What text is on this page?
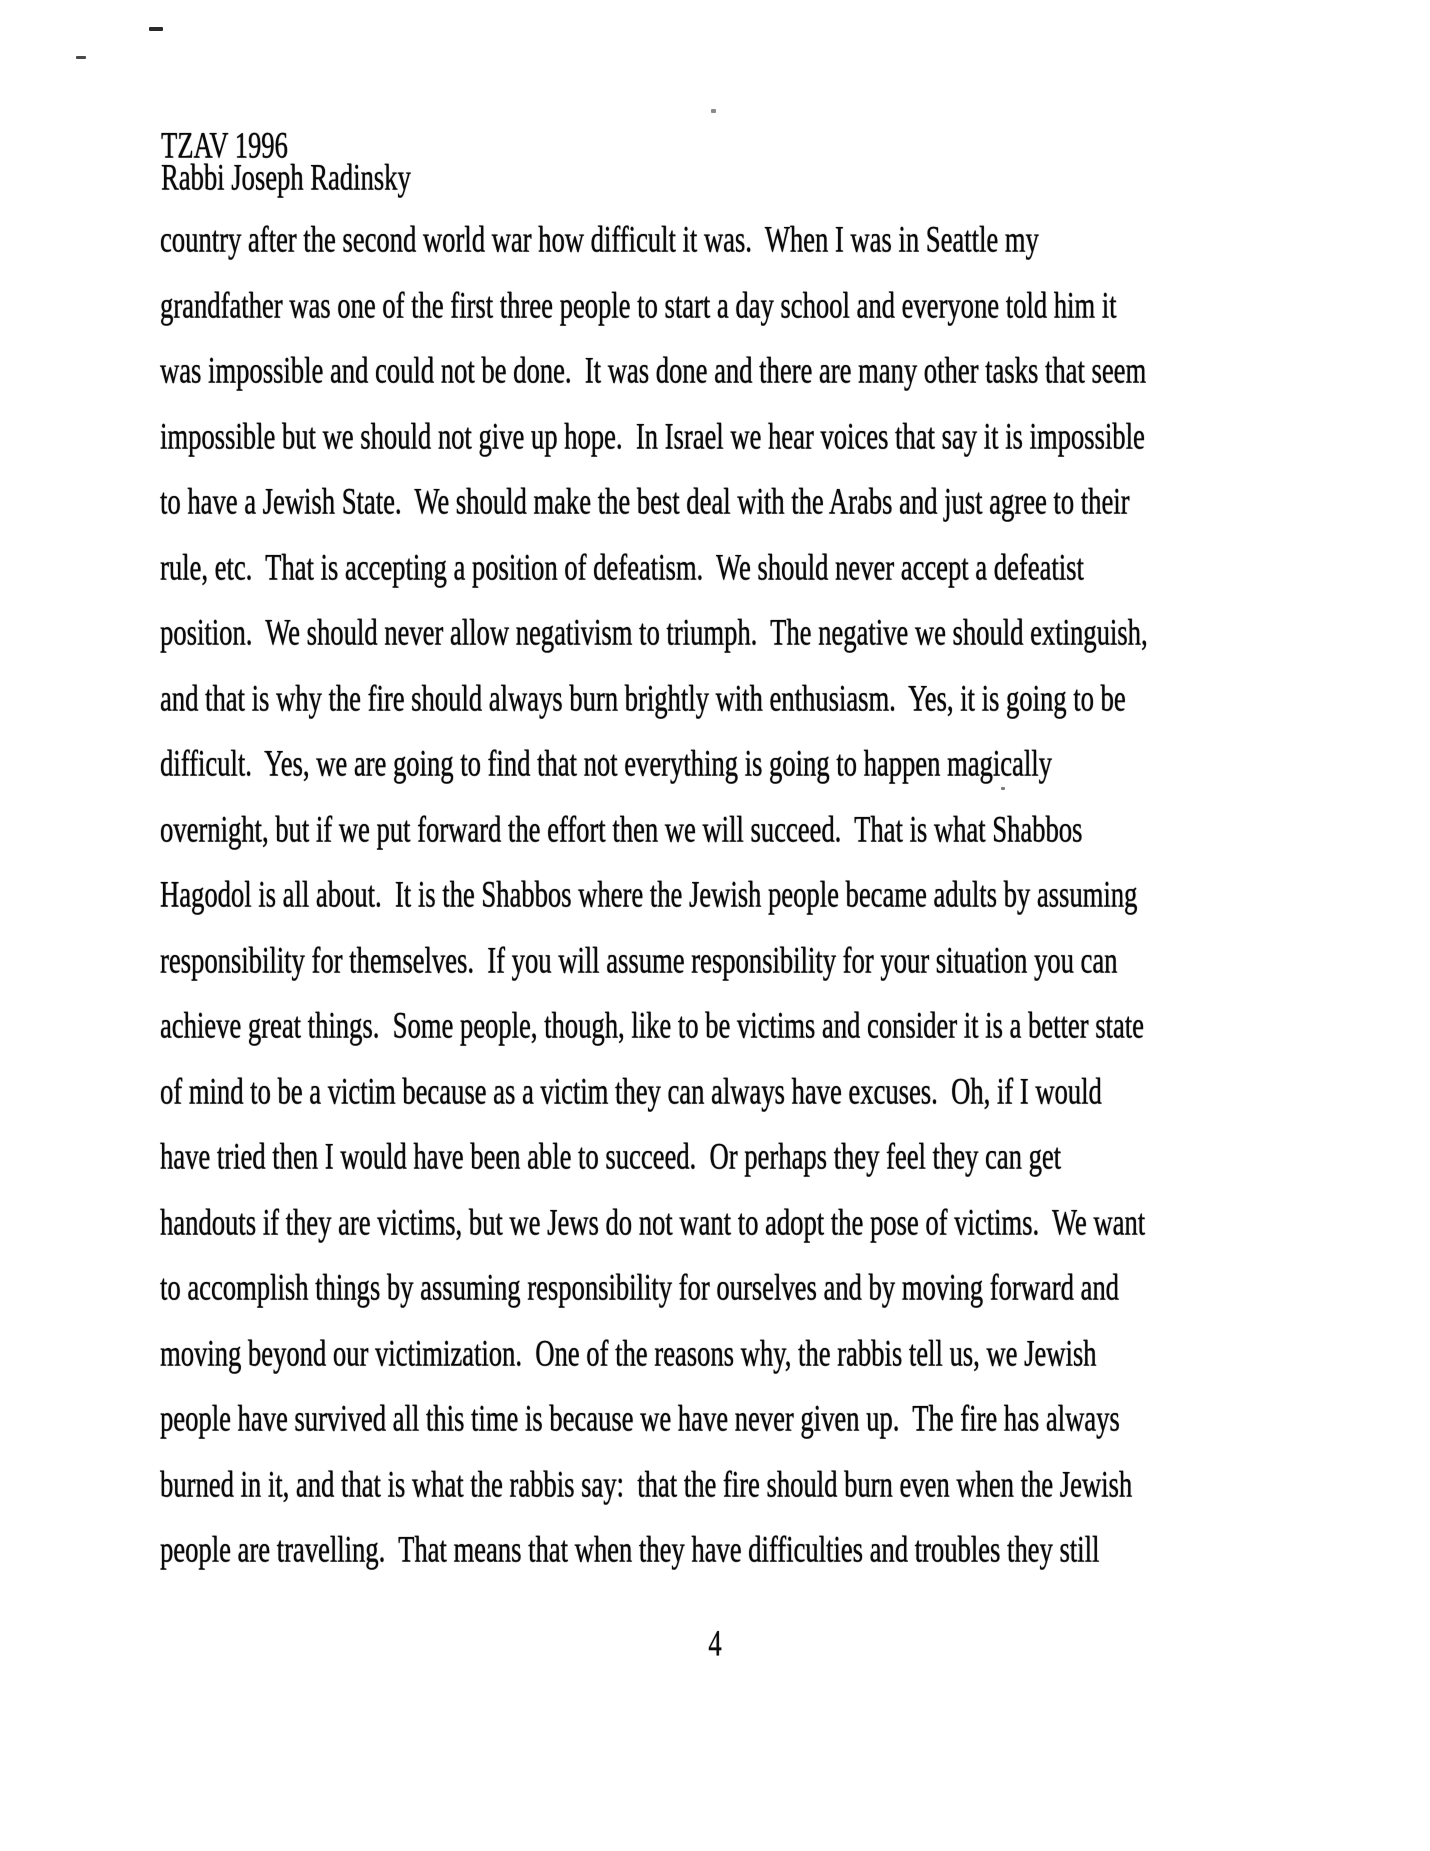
TZAV 1996
Rabbi Joseph Radinsky
country after the second world war how difficult it was.  When I was in Seattle my
grandfather was one of the first three people to start a day school and everyone told him it
was impossible and could not be done.  It was done and there are many other tasks that seem
impossible but we should not give up hope.  In Israel we hear voices that say it is impossible
to have a Jewish State.  We should make the best deal with the Arabs and just agree to their
rule, etc.  That is accepting a position of defeatism.  We should never accept a defeatist
position.  We should never allow negativism to triumph.  The negative we should extinguish,
and that is why the fire should always burn brightly with enthusiasm.  Yes, it is going to be
difficult.  Yes, we are going to find that not everything is going to happen magically
overnight, but if we put forward the effort then we will succeed.  That is what Shabbos
Hagodol is all about.  It is the Shabbos where the Jewish people became adults by assuming
responsibility for themselves.  If you will assume responsibility for your situation you can
achieve great things.  Some people, though, like to be victims and consider it is a better state
of mind to be a victim because as a victim they can always have excuses.  Oh, if I would
have tried then I would have been able to succeed.  Or perhaps they feel they can get
handouts if they are victims, but we Jews do not want to adopt the pose of victims.  We want
to accomplish things by assuming responsibility for ourselves and by moving forward and
moving beyond our victimization.  One of the reasons why, the rabbis tell us, we Jewish
people have survived all this time is because we have never given up.  The fire has always
burned in it, and that is what the rabbis say:  that the fire should burn even when the Jewish
people are travelling.  That means that when they have difficulties and troubles they still
4
